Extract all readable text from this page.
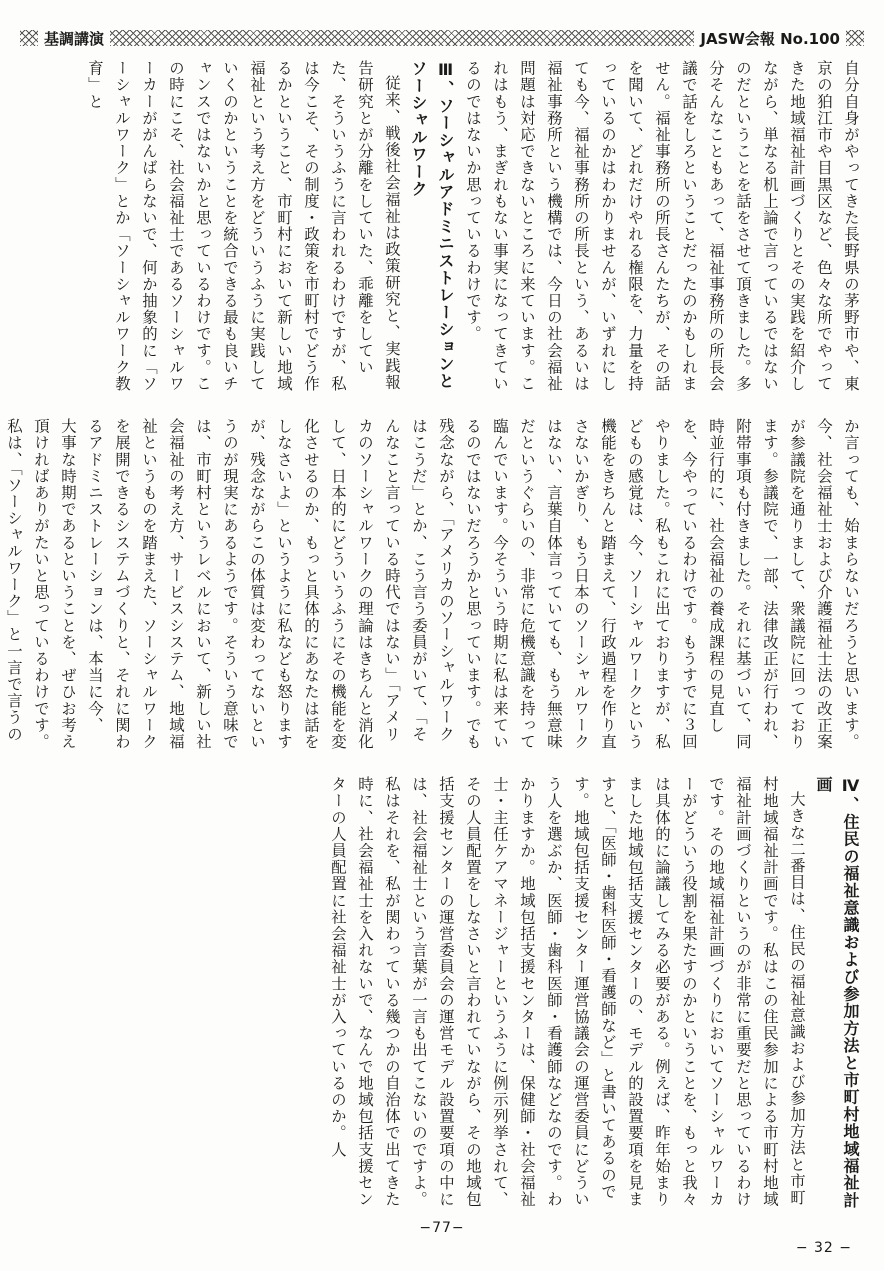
基調講演	JASW会報 No.100

自分自身がやってきた長野県の茅野市や、東京の狛江市や目黒区など、色々な所でやってきた地域福祉計画づくりとその実践を紹介しながら、単なる机上論で言っているではないのだということを話をさせて頂きました。多分そんなこともあって、福祉事務所の所長会議で話をしろということだったのかもしれません。福祉事務所の所長さんたちが、その話を聞いて、どれだけやれる権限を、力量を持っているのかはわかりませんが、いずれにしても今、福祉事務所の所長という、あるいは福祉事務所という機構では、今日の社会福祉問題は対応できないところに来ています。これはもう、まぎれもない事実になってきているのではないか思っているわけです。

Ⅲ、ソーシャルアドミニストレーションとソーシャルワーク

従来、戦後社会福祉は政策研究と、実践報告研究とが分離をしていた、乖離をしていた、そういうふうに言われるわけですが、私は今こそ、その制度・政策を市町村でどう作るかということ、市町村において新しい地域福祉という考え方をどういうふうに実践していくのかということを統合できる最も良いチャンスではないかと思っているわけです。この時にこそ、社会福祉士であるソーシャルワーカーががんばらないで、何か抽象的に「ソーシャルワーク」とか「ソーシャルワーク教育」と

か言っても、始まらないだろうと思います。今、社会福祉士および介護福祉士法の改正案が参議院を通りまして、衆議院に回っております。参議院で、一部、法律改正が行われ、附帯事項も付きました。それに基づいて、同時並行的に、社会福祉の養成課程の見直しを、今やっているわけです。もうすでに３回やりました。私もこれに出ておりますが、私どもの感覚は、今、ソーシャルワークという機能をきちんと踏まえて、行政過程を作り直さないかぎり、もう日本のソーシャルワークはない、言葉自体言っていても、もう無意味だというぐらいの、非常に危機意識を持って臨んでいます。今そういう時期に私は来ているのではないだろうかと思っています。でも残念ながら、「アメリカのソーシャルワークはこうだ」とか、こう言う委員がいて、「そんなこと言っている時代ではない」「アメリカのソーシャルワークの理論はきちんと消化して、日本的にどういうふうにその機能を変化させるのか、もっと具体的にあなたは話をしなさいよ」というように私なども怒りますが、残念ながらこの体質は変わってないというのが現実にあるようです。そういう意味では、市町村というレベルにおいて、新しい社会福祉の考え方、サービスシステム、地域福祉というものを踏まえた、ソーシャルワークを展開できるシステムづくりと、それに関わるアドミニストレーションは、本当に今、

大事な時期であるということを、ぜひお考え頂ければありがたいと思っているわけです。私は、「ソーシャルワーク」と一言で言うの

Ⅳ、住民の福祉意識および参加方法と市町村地域福祉計画

大きな二番目は、住民の福祉意識および参加方法と市町村地域福祉計画です。私はこの住民参加による市町村地域福祉計画づくりというのが非常に重要だと思っているわけです。その地域福祉計画づくりにおいてソーシャルワーカーがどういう役割を果たすのかということを、もっと我々は具体的に論議してみる必要がある。例えば、昨年始まりました地域包括支援センターの、モデル的設置要項を見ますと、「医師・歯科医師・看護師など」と書いてあるのです。地域包括支援センター運営協議会の運営委員にどういう人を選ぶか、医師・歯科医師・看護師などなのです。わかりますか。地域包括支援センターは、保健師・社会福祉士・主任ケアマネージャーというふうに例示列挙されて、その人員配置をしなさいと言われていながら、その地域包括支援センターの運営委員会の運営モデル設置要項の中には、社会福祉士という言葉が一言も出てこないのですよ。私はそれを、私が関わっている幾つかの自治体で出てきた時に、社会福祉士を入れないで、なんで地域包括支援センターの人員配置に社会福祉士が入っているのか。人

−77−
− 32 −
